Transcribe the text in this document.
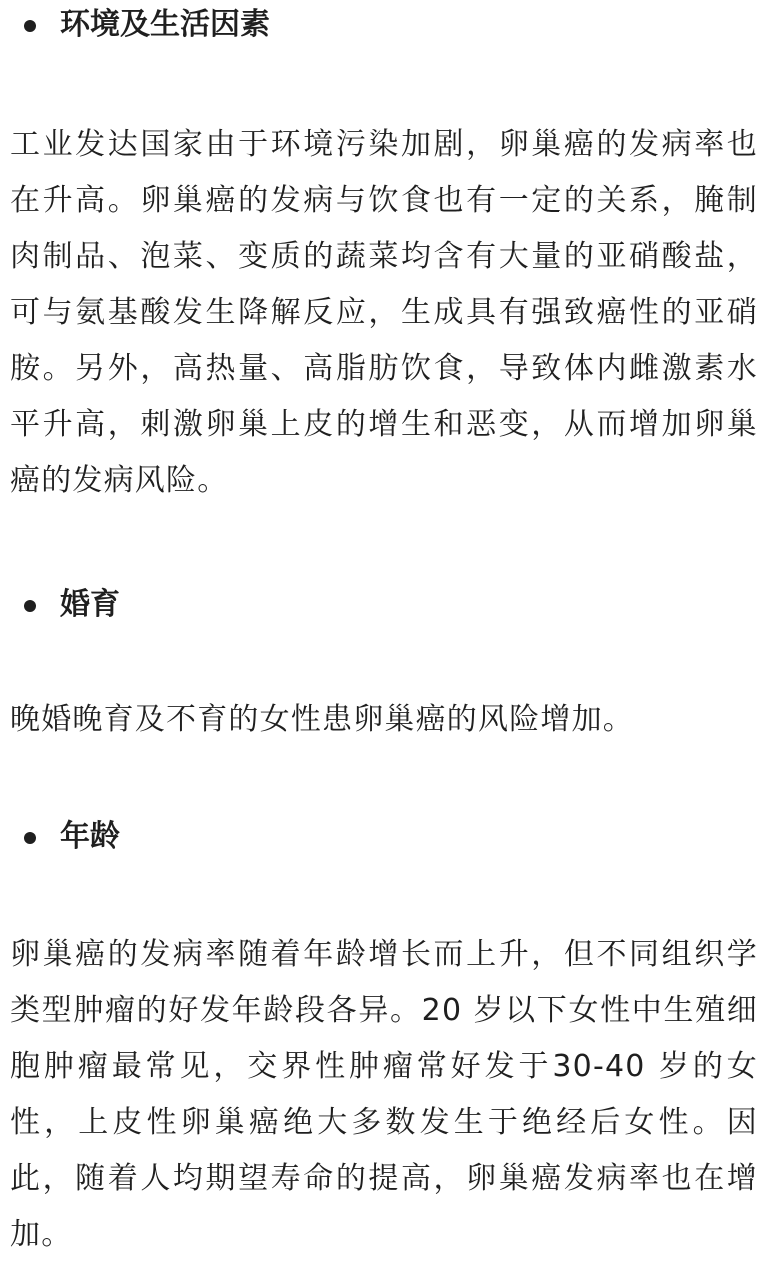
环境及生活因素

工业发达国家由于环境污染加剧，卵巢癌的发病率也在升高。卵巢癌的发病与饮食也有一定的关系，腌制肉制品、泡菜、变质的蔬菜均含有大量的亚硝酸盐，可与氨基酸发生降解反应，生成具有强致癌性的亚硝胺。另外，高热量、高脂肪饮食，导致体内雌激素水平升高，刺激卵巢上皮的增生和恶变，从而增加卵巢癌的发病风险。

婚育

晚婚晚育及不育的女性患卵巢癌的风险增加。

年龄

卵巢癌的发病率随着年龄增长而上升，但不同组织学类型肿瘤的好发年龄段各异。20 岁以下女性中生殖细胞肿瘤最常见，交界性肿瘤常好发于30-40 岁的女性，上皮性卵巢癌绝大多数发生于绝经后女性。因此，随着人均期望寿命的提高，卵巢癌发病率也在增加。
